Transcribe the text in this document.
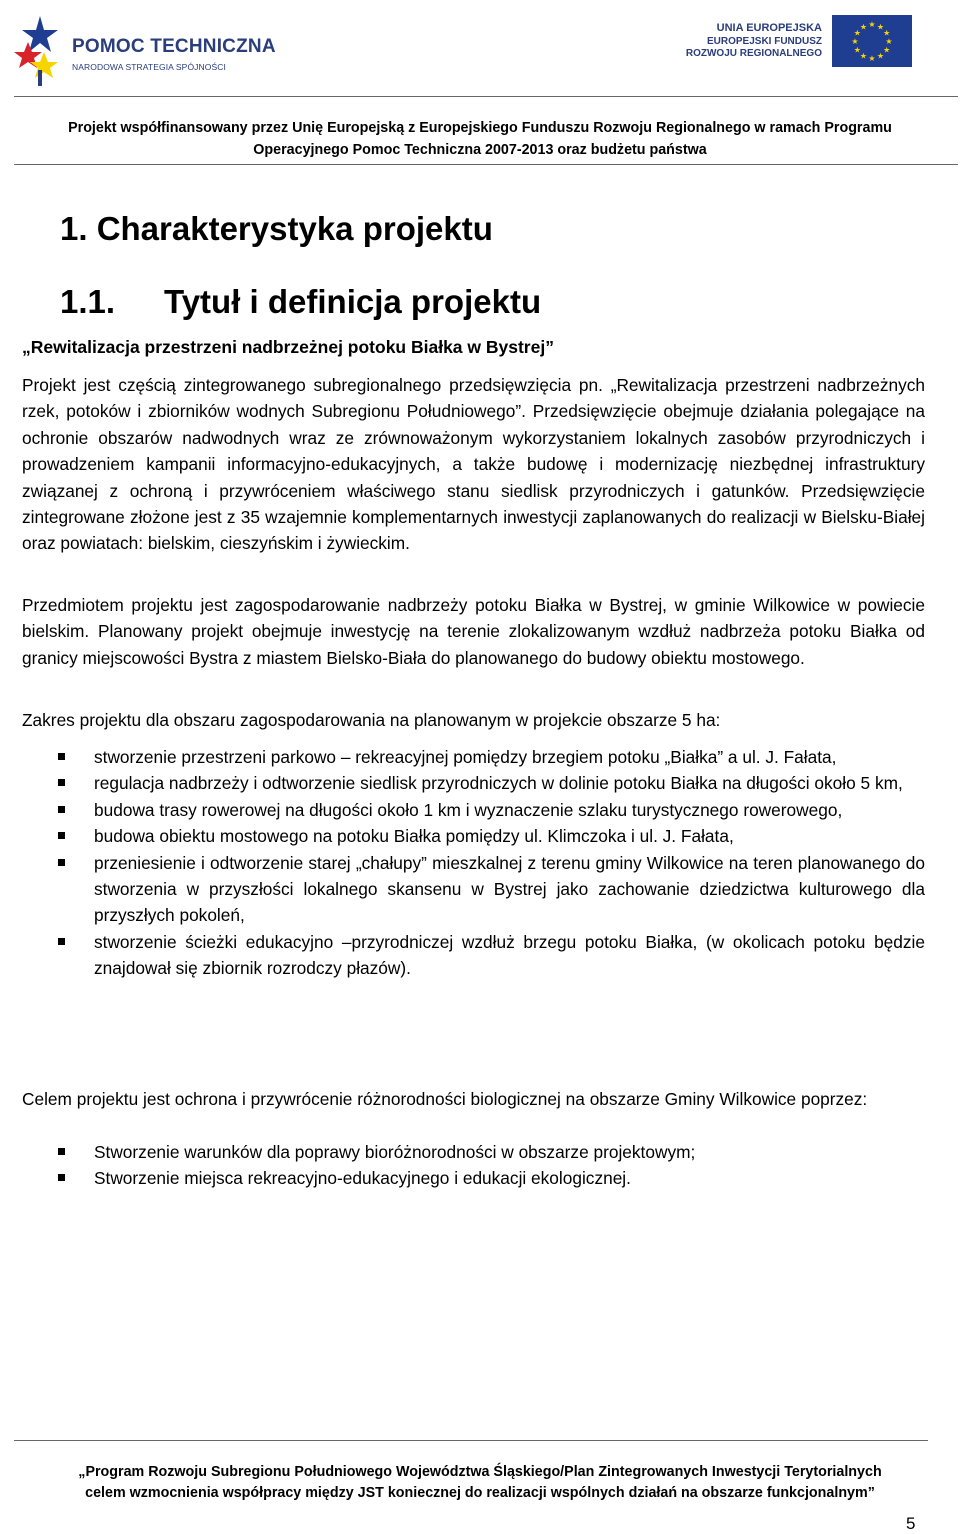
POMOC TECHNICZNA
NARODOWA STRATEGIA SPÓJNOŚCI
UNIA EUROPEJSKA
EUROPEJSKI FUNDUSZ
ROZWOJU REGIONALNEGO
★
★
★
★
★
★
★
★
★ ★ ★
★
Projekt współfinansowany przez Unię Europejską z Europejskiego Funduszu Rozwoju Regionalnego w ramach Programu
Operacyjnego Pomoc Techniczna 2007-2013 oraz budżetu państwa
1. Charakterystyka projektu
1.1. Tytuł i definicja projektu
„Rewitalizacja przestrzeni nadbrzeżnej potoku Białka w Bystrej”

Projekt jest częścią zintegrowanego subregionalnego przedsięwzięcia pn. „Rewitalizacja przestrzeni nadbrzeżnych rzek, potoków i zbiorników wodnych Subregionu Południowego”. Przedsięwzięcie obejmuje działania polegające na ochronie obszarów nadwodnych wraz ze zrównoważonym wykorzystaniem lokalnych zasobów przyrodniczych i prowadzeniem kampanii informacyjno-edukacyjnych, a także budowę i modernizację niezbędnej infrastruktury związanej z ochroną i przywróceniem właściwego stanu siedlisk przyrodniczych i gatunków. Przedsięwzięcie zintegrowane złożone jest z 35 wzajemnie komplementarnych inwestycji zaplanowanych do realizacji w Bielsku-Białej oraz powiatach: bielskim, cieszyńskim i żywieckim.

Przedmiotem projektu jest zagospodarowanie nadbrzeży potoku Białka w Bystrej, w gminie Wilkowice w powiecie bielskim. Planowany projekt obejmuje inwestycję na terenie zlokalizowanym wzdłuż nadbrzeża potoku Białka od granicy miejscowości Bystra z miastem Bielsko-Biała do planowanego do budowy obiektu mostowego.

Zakres projektu dla obszaru zagospodarowania na planowanym w projekcie obszarze 5 ha:

stworzenie przestrzeni parkowo – rekreacyjnej pomiędzy brzegiem potoku „Białka” a ul. J. Fałata,
regulacja nadbrzeży i odtworzenie siedlisk przyrodniczych w dolinie potoku Białka na długości około 5 km,
budowa trasy rowerowej na długości około 1 km i wyznaczenie szlaku turystycznego rowerowego,
budowa obiektu mostowego na potoku Białka pomiędzy ul. Klimczoka i ul. J. Fałata,
przeniesienie i odtworzenie starej „chałupy” mieszkalnej z terenu gminy Wilkowice na teren planowanego do stworzenia w przyszłości lokalnego skansenu w Bystrej jako zachowanie dziedzictwa kulturowego dla przyszłych pokoleń,
stworzenie ścieżki edukacyjno –przyrodniczej wzdłuż brzegu potoku Białka, (w okolicach potoku będzie znajdował się zbiornik rozrodczy płazów).

Celem projektu jest ochrona i przywrócenie różnorodności biologicznej na obszarze Gminy Wilkowice poprzez:

Stworzenie warunków dla poprawy bioróżnorodności w obszarze projektowym;
Stworzenie miejsca rekreacyjno-edukacyjnego i edukacji ekologicznej.
„Program Rozwoju Subregionu Południowego Województwa Śląskiego/Plan Zintegrowanych Inwestycji Terytorialnych
celem wzmocnienia współpracy między JST koniecznej do realizacji wspólnych działań na obszarze funkcjonalnym”
5
